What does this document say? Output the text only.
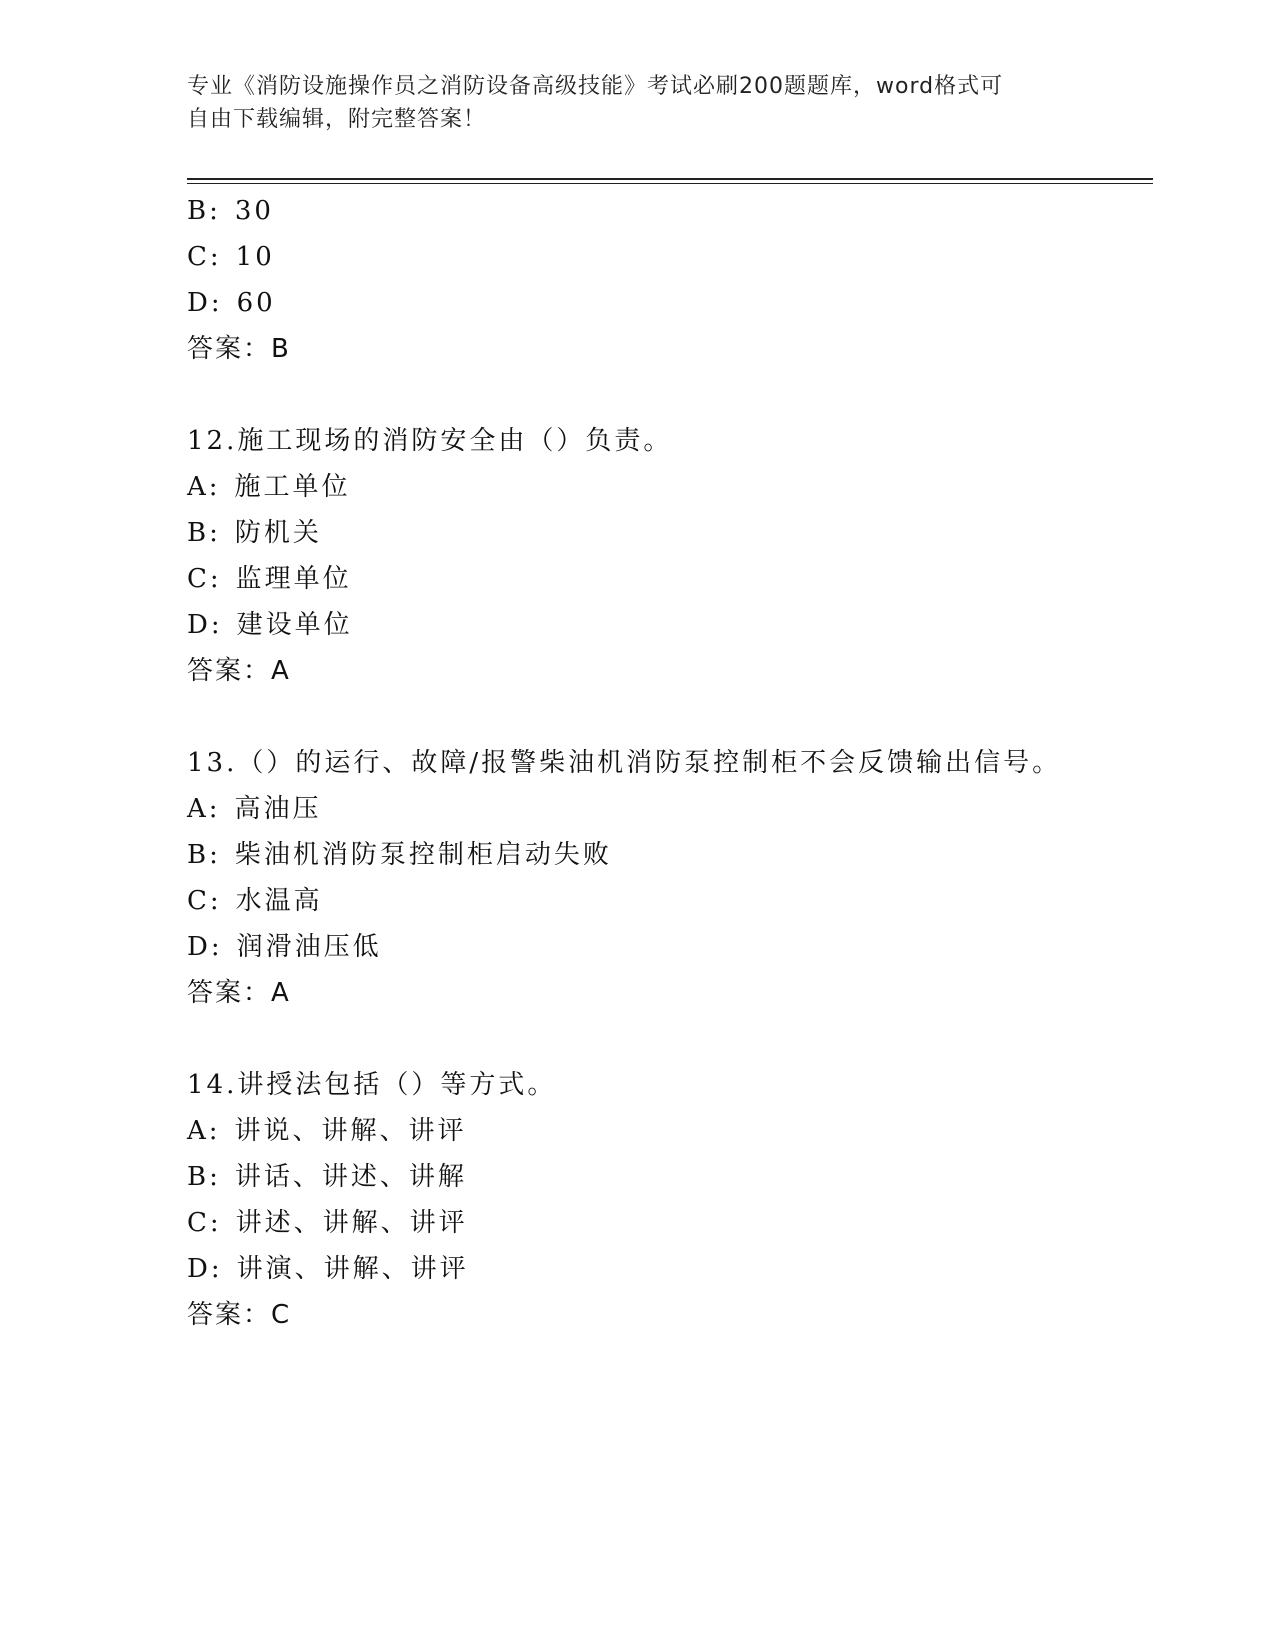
专业《消防设施操作员之消防设备高级技能》考试必刷200题题库，word格式可
自由下载编辑，附完整答案！
B: 30
C: 10
D: 60
答案：B
12.施工现场的消防安全由（）负责。
A: 施工单位
B: 防机关
C: 监理单位
D: 建设单位
答案：A
13.（）的运行、故障/报警柴油机消防泵控制柜不会反馈输出信号。
A: 高油压
B: 柴油机消防泵控制柜启动失败
C: 水温高
D: 润滑油压低
答案：A
14.讲授法包括（）等方式。
A: 讲说、讲解、讲评
B: 讲话、讲述、讲解
C: 讲述、讲解、讲评
D: 讲演、讲解、讲评
答案：C
